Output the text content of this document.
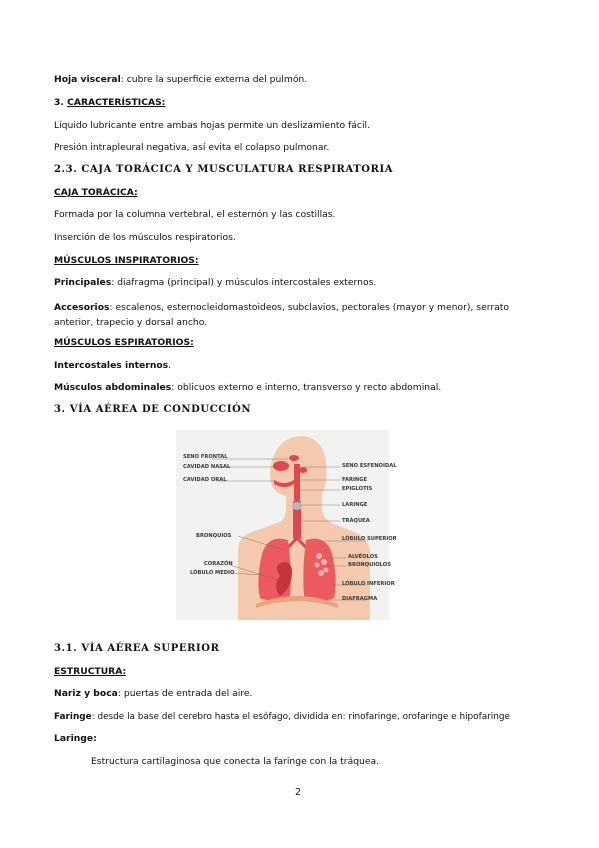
Hoja visceral: cubre la superficie externa del pulmón.
3. CARACTERÍSTICAS:
Líquido lubricante entre ambas hojas permite un deslizamiento fácil.
Presión intrapleural negativa, así evita el colapso pulmonar.
2.3. CAJA TORÁCICA Y MUSCULATURA RESPIRATORIA
CAJA TORÁCICA:
Formada por la columna vertebral, el esternón y las costillas.
Inserción de los músculos respiratorios.
MÚSCULOS INSPIRATORIOS:
Principales: diafragma (principal) y músculos intercostales externos.
Accesorios: escalenos, esternocleidomastoideos, subclavios, pectorales (mayor y menor), serrato anterior, trapecio y dorsal ancho.
MÚSCULOS ESPIRATORIOS:
Intercostales internos.
Músculos abdominales: oblicuos externo e interno, transverso y recto abdominal.
3. VÍA AÉREA DE CONDUCCIÓN
SENO FRONTAL
CAVIDAD NASAL
CAVIDAD ORAL
BRONQUIOS
CORAZÓN
LÓBULO MEDIO
SENO ESFENOIDAL
FARINGE
EPIGLOTIS
LARINGE
TRÁQUEA
LÓBULO SUPERIOR
ALVÉOLOS
BRONQUIOLOS
LÓBULO INFERIOR
DIAFRAGMA
3.1. VÍA AÉREA SUPERIOR
ESTRUCTURA:
Nariz y boca: puertas de entrada del aire.
Faringe: desde la base del cerebro hasta el esófago, dividida en: rinofaringe, orofaringe e hipofaringe
Laringe:
Estructura cartilaginosa que conecta la faringe con la tráquea.
2
